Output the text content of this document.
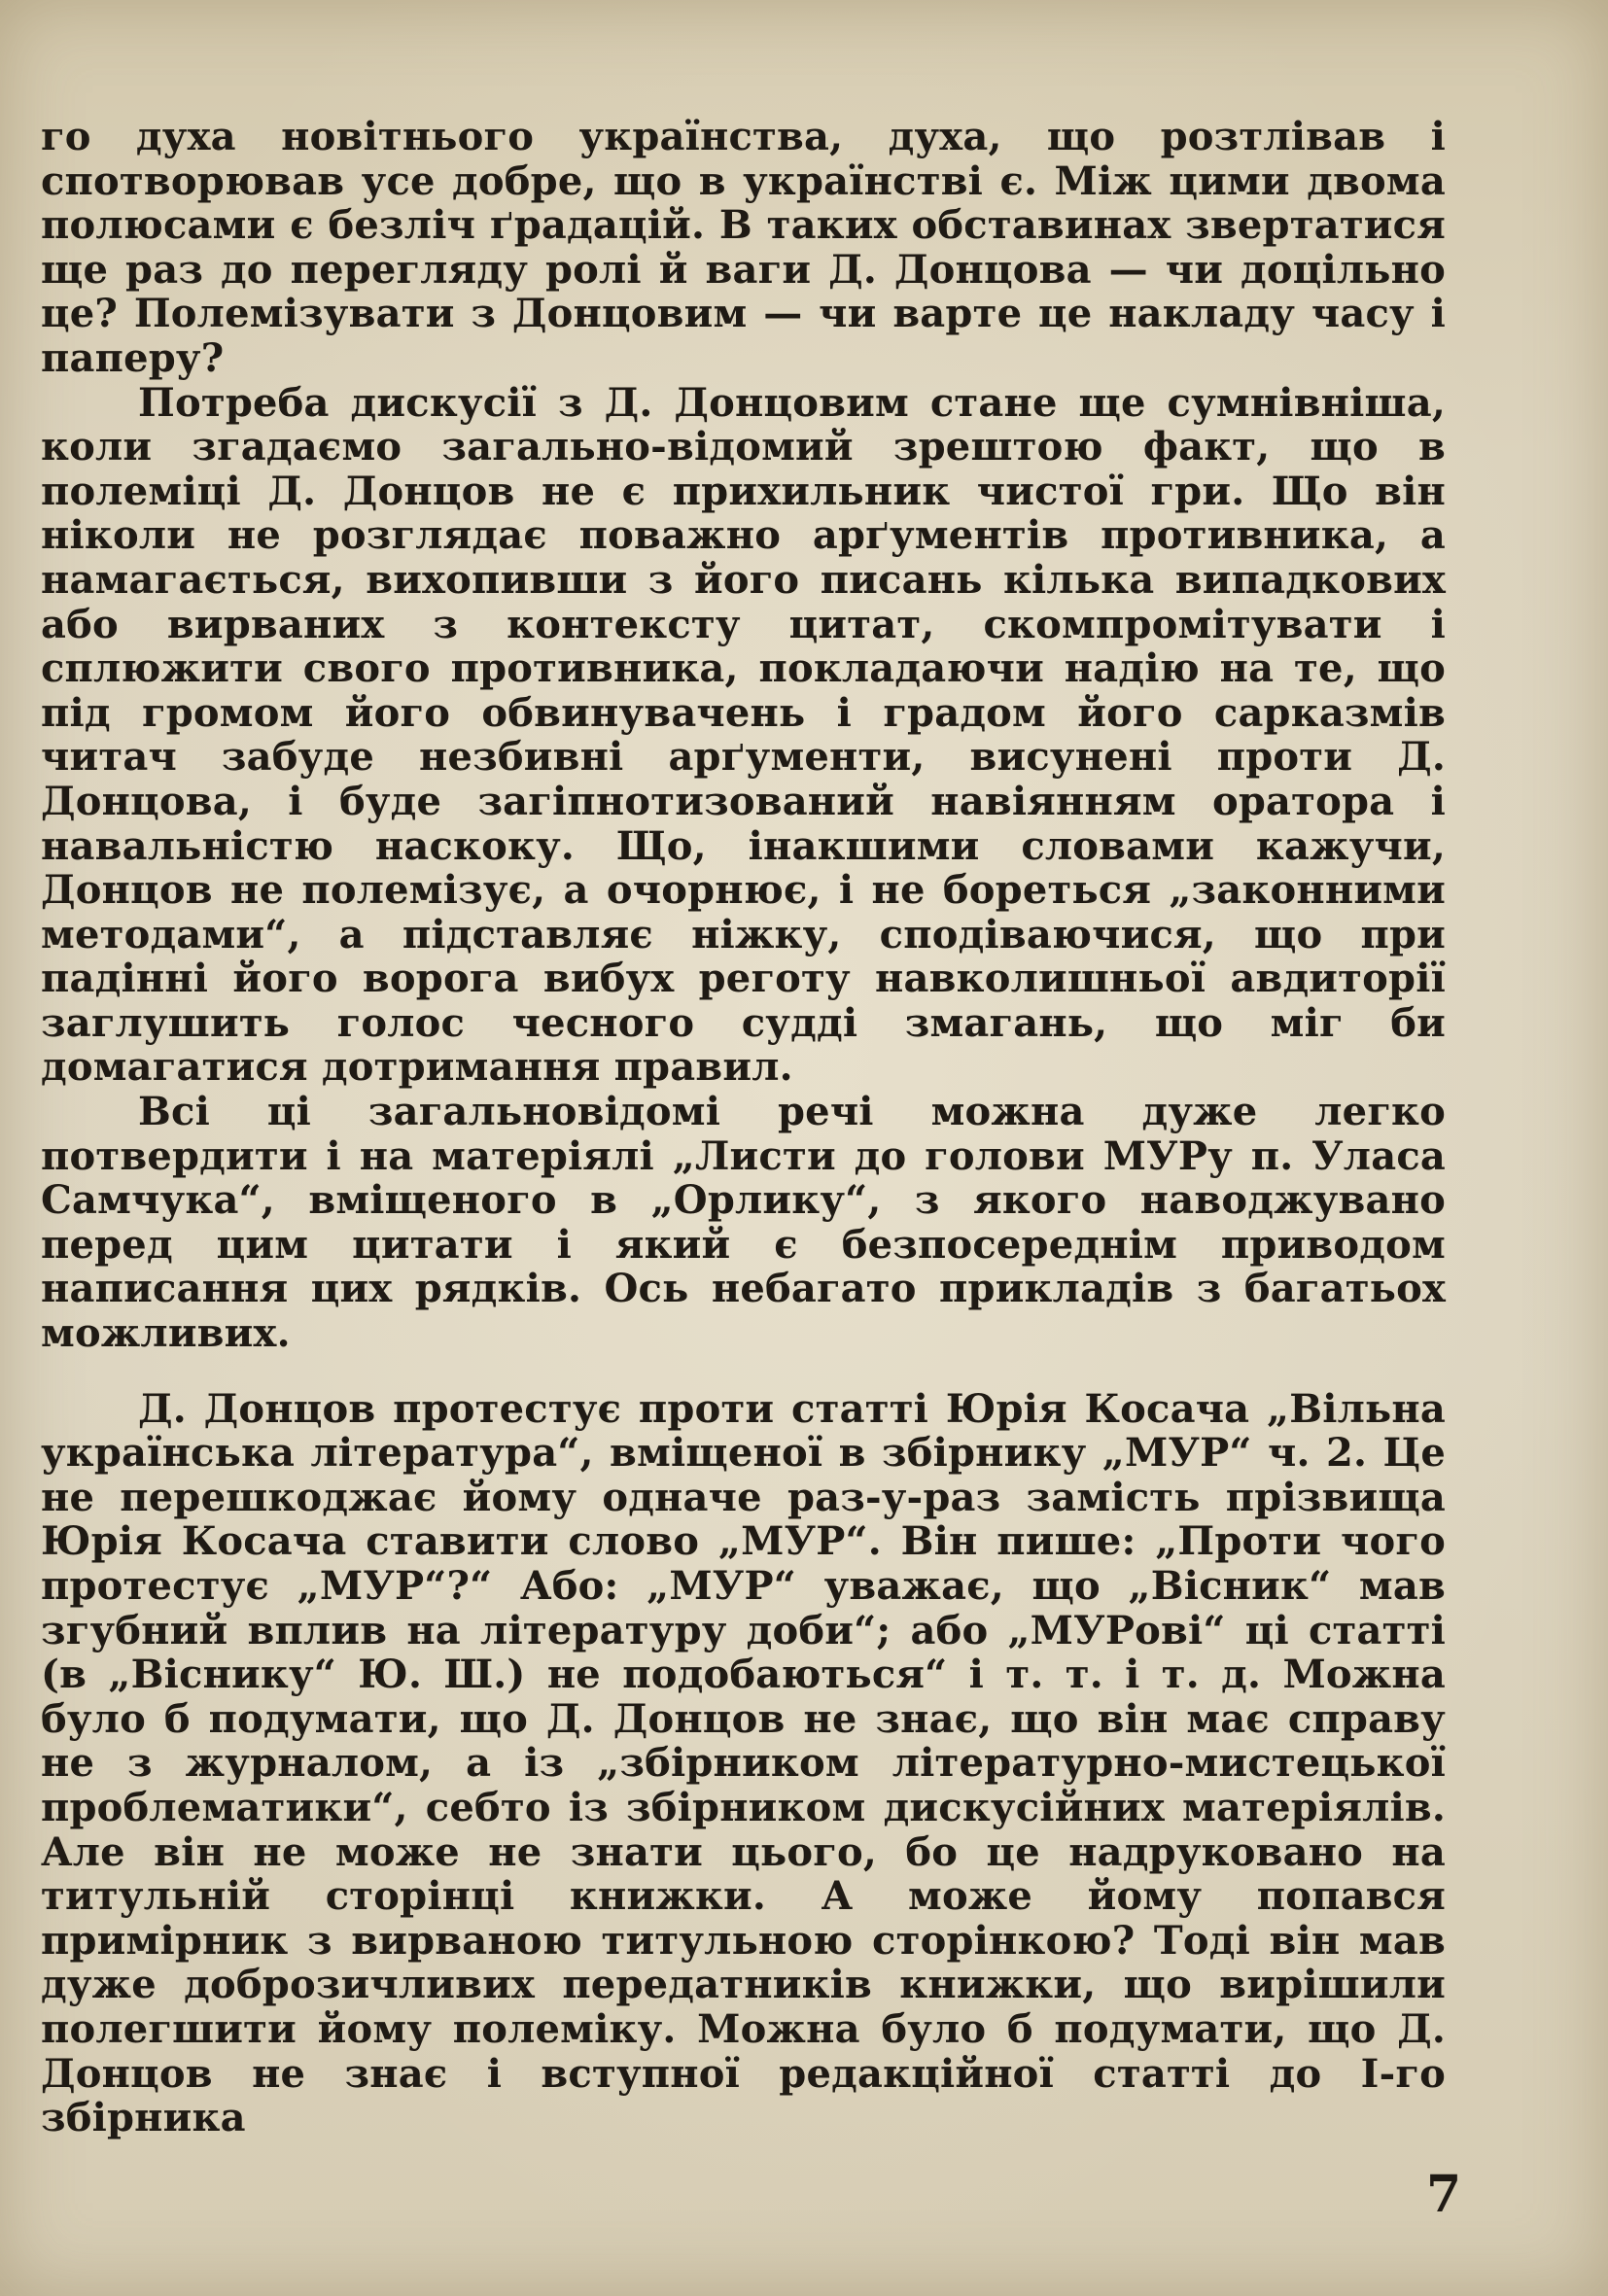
го духа новітнього українства, духа, що розтлівав і спотворював усе добре, що в українстві є. Між цими двома полюсами є безліч ґрадацій. В таких обставинах звертатися ще раз до перегляду ролі й ваги Д. Донцова — чи доцільно це? Полемізувати з Донцовим — чи варте це накладу часу і паперу?

Потреба дискусії з Д. Донцовим стане ще сумнівніша, коли згадаємо загально-відомий зрештою факт, що в полеміці Д. Донцов не є прихильник чистої гри. Що він ніколи не розглядає поважно арґументів противника, а намагається, вихопивши з його писань кілька випадкових або вирваних з контексту цитат, скомпромітувати і сплюжити свого противника, покладаючи надію на те, що під громом його обвинувачень і градом його сарказмів читач забуде незбивні арґументи, висунені проти Д. Донцова, і буде загіпнотизований навіянням оратора і навальністю наскоку. Що, інакшими словами кажучи, Донцов не полемізує, а очорнює, і не бореться „законними методами“, а підставляє ніжку, сподіваючися, що при падінні його ворога вибух реготу навколишньої авдиторії заглушить голос чесного судді змагань, що міг би домагатися дотримання правил.

Всі ці загальновідомі речі можна дуже легко потвердити і на матеріялі „Листи до голови МУРу п. Уласа Самчука“, вміщеного в „Орлику“, з якого наводжувано перед цим цитати і який є безпосереднім приводом написання цих рядків. Ось небагато прикладів з багатьох можливих.

Д. Донцов протестує проти статті Юрія Косача „Вільна українська література“, вміщеної в збірнику „МУР“ ч. 2. Це не перешкоджає йому одначе раз-у-раз замість прізвища Юрія Косача ставити слово „МУР“. Він пише: „Проти чого протестує „МУР“?“ Або: „МУР“ уважає, що „Вісник“ мав згубний вплив на літературу доби“; або „МУРові“ ці статті (в „Віснику“ Ю. Ш.) не подобаються“ і т. т. і т. д. Можна було б подумати, що Д. Донцов не знає, що він має справу не з журналом, а із „збірником літературно-мистецької проблематики“, себто із збірником дискусійних матеріялів. Але він не може не знати цього, бо це надруковано на титульній сторінці книжки. А може йому попався примірник з вирваною титульною сторінкою? Тоді він мав дуже доброзичливих передатників книжки, що вирішили полегшити йому полеміку. Можна було б подумати, що Д. Донцов не знає і вступної редакційної статті до І-го збірника

7
